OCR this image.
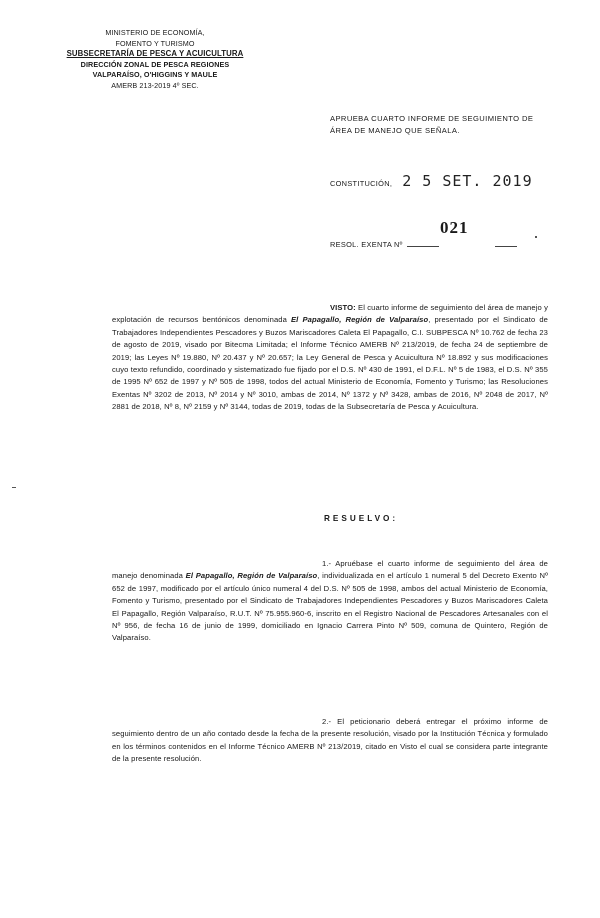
MINISTERIO DE ECONOMÍA,
FOMENTO Y TURISMO
SUBSECRETARÍA DE PESCA Y ACUICULTURA
DIRECCIÓN ZONAL DE PESCA REGIONES
VALPARAÍSO, O'HIGGINS Y MAULE
AMERB 213-2019 4º SEC.
APRUEBA CUARTO INFORME DE SEGUIMIENTO DE ÁREA DE MANEJO QUE SEÑALA.
CONSTITUCIÓN, 2 5 SET. 2019
021
RESOL. EXENTA Nº
VISTO: El cuarto informe de seguimiento del área de manejo y explotación de recursos bentónicos denominada El Papagallo, Región de Valparaíso, presentado por el Sindicato de Trabajadores Independientes Pescadores y Buzos Mariscadores Caleta El Papagallo, C.I. SUBPESCA Nº 10.762 de fecha 23 de agosto de 2019, visado por Bitecma Limitada; el Informe Técnico AMERB Nº 213/2019, de fecha 24 de septiembre de 2019; las Leyes Nº 19.880, Nº 20.437 y Nº 20.657; la Ley General de Pesca y Acuicultura Nº 18.892 y sus modificaciones cuyo texto refundido, coordinado y sistematizado fue fijado por el D.S. Nº 430 de 1991, el D.F.L. Nº 5 de 1983, el D.S. Nº 355 de 1995 Nº 652 de 1997 y Nº 505 de 1998, todos del actual Ministerio de Economía, Fomento y Turismo; las Resoluciones Exentas Nº 3202 de 2013, Nº 2014 y Nº 3010, ambas de 2014, Nº 1372 y Nº 3428, ambas de 2016, Nº 2048 de 2017, Nº 2881 de 2018, Nº 8, Nº 2159 y Nº 3144, todas de 2019, todas de la Subsecretaría de Pesca y Acuicultura.
RESUELVO:
1.- Apruébase el cuarto informe de seguimiento del área de manejo denominada El Papagallo, Región de Valparaíso, individualizada en el artículo 1 numeral 5 del Decreto Exento Nº 652 de 1997, modificado por el artículo único numeral 4 del D.S. Nº 505 de 1998, ambos del actual Ministerio de Economía, Fomento y Turismo, presentado por el Sindicato de Trabajadores Independientes Pescadores y Buzos Mariscadores Caleta El Papagallo, Región Valparaíso, R.U.T. Nº 75.955.960-6, inscrito en el Registro Nacional de Pescadores Artesanales con el Nº 956, de fecha 16 de junio de 1999, domiciliado en Ignacio Carrera Pinto Nº 509, comuna de Quintero, Región de Valparaíso.
2.- El peticionario deberá entregar el próximo informe de seguimiento dentro de un año contado desde la fecha de la presente resolución, visado por la Institución Técnica y formulado en los términos contenidos en el Informe Técnico AMERB Nº 213/2019, citado en Visto el cual se considera parte integrante de la presente resolución.
